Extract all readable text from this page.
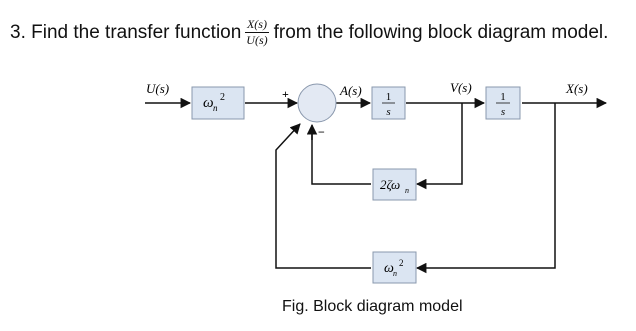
3. Find the transfer function $\frac{X(s)}{U(s)}$ from the following block diagram model.
ω n
2	+
− −
1
s
1
s
2ζω n
ω n
2
U(s)	A(s)	V(s)	X(s)
Fig. Block diagram model
